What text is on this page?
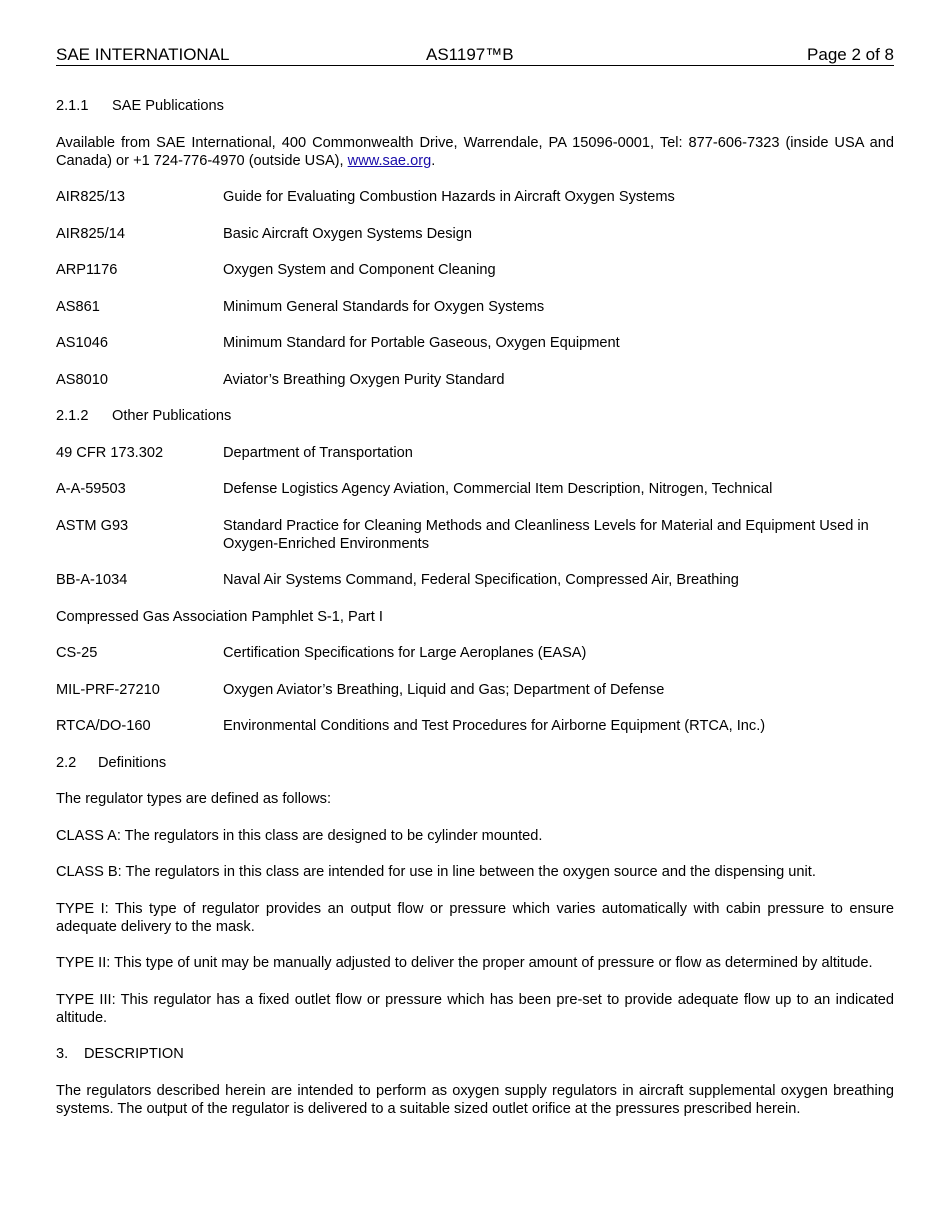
SAE INTERNATIONAL	AS1197™B	Page 2 of 8
2.1.1 SAE Publications

Available from SAE International, 400 Commonwealth Drive, Warrendale, PA 15096-0001, Tel: 877-606-7323 (inside USA and Canada) or +1 724-776-4970 (outside USA), www.sae.org.

AIR825/13	Guide for Evaluating Combustion Hazards in Aircraft Oxygen Systems
AIR825/14	Basic Aircraft Oxygen Systems Design
ARP1176	Oxygen System and Component Cleaning
AS861	Minimum General Standards for Oxygen Systems
AS1046	Minimum Standard for Portable Gaseous, Oxygen Equipment
AS8010	Aviator’s Breathing Oxygen Purity Standard
2.1.2 Other Publications
49 CFR 173.302	Department of Transportation
A-A-59503	Defense Logistics Agency Aviation, Commercial Item Description, Nitrogen, Technical
ASTM G93	Standard Practice for Cleaning Methods and Cleanliness Levels for Material and Equipment Used in Oxygen-Enriched Environments
BB-A-1034	Naval Air Systems Command, Federal Specification, Compressed Air, Breathing

Compressed Gas Association Pamphlet S-1, Part I

CS-25	Certification Specifications for Large Aeroplanes (EASA)
MIL-PRF-27210	Oxygen Aviator’s Breathing, Liquid and Gas; Department of Defense
RTCA/DO-160	Environmental Conditions and Test Procedures for Airborne Equipment (RTCA, Inc.)
2.2 Definitions

The regulator types are defined as follows:

CLASS A: The regulators in this class are designed to be cylinder mounted.

CLASS B: The regulators in this class are intended for use in line between the oxygen source and the dispensing unit.

TYPE I: This type of regulator provides an output flow or pressure which varies automatically with cabin pressure to ensure adequate delivery to the mask.

TYPE II: This type of unit may be manually adjusted to deliver the proper amount of pressure or flow as determined by altitude.

TYPE III: This regulator has a fixed outlet flow or pressure which has been pre-set to provide adequate flow up to an indicated altitude.

3. DESCRIPTION

The regulators described herein are intended to perform as oxygen supply regulators in aircraft supplemental oxygen breathing systems. The output of the regulator is delivered to a suitable sized outlet orifice at the pressures prescribed herein.
